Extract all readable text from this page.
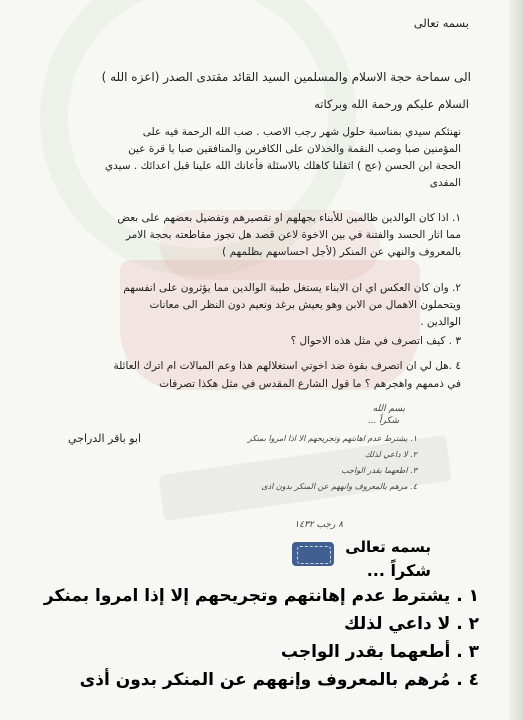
بسمه تعالى
الى سماحة حجة الاسلام والمسلمين السيد القائد مقتدى الصدر (اعزه الله )
السلام عليكم ورحمة الله وبركاته
نهنئكم سيدي بمناسبة حلول شهر رجب الاصب . صب الله الرحمة فيه على
المؤمنين صبا وصب النقمة والخذلان على الكافرين والمنافقين صبا يا قرة عين
الحجة ابن الحسن (عج ) اثقلنا كاهلك بالاسئلة فأعانك الله علينا قبل اعدائك . سيدي
المفدى
١. اذا كان الوالدين ظالمين للأبناء بجهلهم او تقصيرهم وتفضيل بعضهم على بعض
مما اثار الحسد والفتنة في بين الاخوة لاعن قصد هل تجوز مقاطعته بحجة الامر
بالمعروف والنهي عن المنكر (لأجل احساسهم بظلمهم )
٢. وان كان العكس اي ان الابناء يستغل طيبة الوالدين مما يؤثرون على انفسهم
ويتحملون الاهمال من الابن وهو يعيش برغد ونعيم دون النظر الى معانات
الوالدين .
٣ . كيف اتصرف في مثل هذه الاحوال ؟
٤ .هل لي ان اتصرف بقوة ضد اخوتي استغلالهم هذا وعم المبالات ام اترك العائلة
في ذممهم واهجرهم ؟ ما قول الشارع المقدس في مثل هكذا تصرفات
ابو باقر الدراجي
بسم الله
شكراً ...
١. يشترط عدم اهانتهم وتجريحهم الا اذا امروا بمنكر
٢. لا داعي لذلك
٣. اطعهما بقدر الواجب
٤. مرهم بالمعروف وانههم عن المنكر بدون اذى
٨ رجب ١٤٣٢
بسمه تعالى
شكراً ...
١ . يشترط عدم إهانتهم وتجريحهم إلا إذا امروا بمنكر
٢ . لا داعي لذلك
٣ . أطعهما بقدر الواجب
٤ . مُرهم بالمعروف وإنههم عن المنكر بدون أذى
